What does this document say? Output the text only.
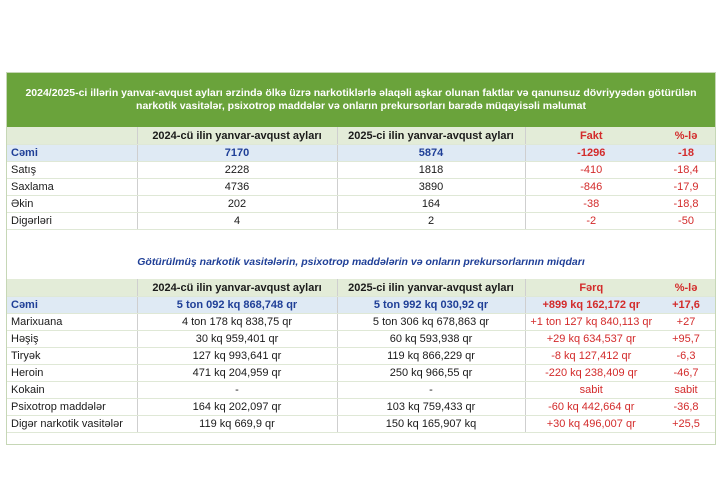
2024/2025-ci illərin yanvar-avqust ayları ərzində ölkə üzrə narkotiklərlə əlaqəli aşkar olunan faktlar və qanunsuz dövriyyədən götürülən narkotik vasitələr, psixotrop maddələr və onların prekursorları barədə müqayisəli məlumat
	2024-cü ilin yanvar-avqust ayları	2025-ci ilin yanvar-avqust ayları	Fakt	%-lə
Cəmi	7170	5874	-1296	-18
Satış	2228	1818	-410	-18,4
Saxlama	4736	3890	-846	-17,9
Əkin	202	164	-38	-18,8
Digərləri	4	2	-2	-50
Götürülmüş narkotik vasitələrin, psixotrop maddələrin və onların prekursorlarının miqdarı
	2024-cü ilin yanvar-avqust ayları	2025-ci ilin yanvar-avqust ayları	Fərq	%-lə
Cəmi	5 ton 092 kq 868,748 qr	5 ton 992 kq 030,92 qr	+899 kq 162,172 qr	+17,6
Marixuana	4 ton 178 kq 838,75 qr	5 ton 306 kq 678,863 qr	+1 ton 127 kq 840,113 qr	+27
Həşiş	30 kq 959,401 qr	60 kq 593,938 qr	+29 kq 634,537 qr	+95,7
Tiryək	127 kq 993,641 qr	119 kq 866,229 qr	-8 kq 127,412 qr	-6,3
Heroin	471 kq 204,959 qr	250 kq 966,55 qr	-220 kq 238,409 qr	-46,7
Kokain	-	-	sabit	sabit
Psixotrop maddələr	164 kq 202,097 qr	103 kq 759,433 qr	-60 kq 442,664 qr	-36,8
Digər narkotik vasitələr	119 kq 669,9 qr	150 kq 165,907 kq	+30 kq 496,007 qr	+25,5
